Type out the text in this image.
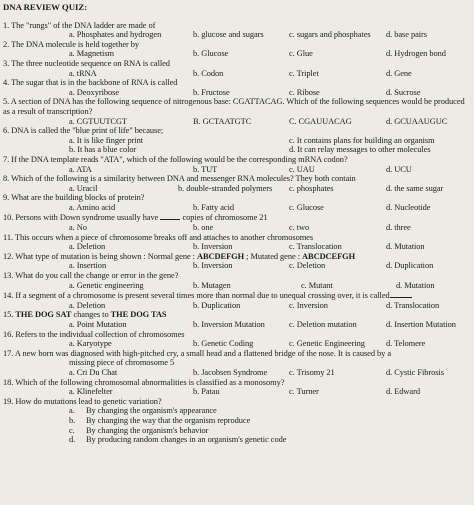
DNA REVIEW QUIZ:
1. The "rungs" of the DNA ladder are made of
a. Phosphates and hydrogen	b. glucose and sugars	c. sugars and phosphates d. base pairs
2. The DNA molecule is held together by
a. Magnetism	b. Glucose	c. Glue	d. Hydrogen bond
3. The three nucleotide sequence on RNA is called
a. tRNA	b. Codon	c. Triplet	d. Gene
4. The sugar that is in the backbone of RNA is called
a. Deoxyribose	b. Fructose	c. Ribose	d. Sucrose
5. A section of DNA has the following sequence of nitrogenous base: CGATTACAG. Which of the following sequences would be produced as a result of transcription?
a. CGTUUTCGT	B. GCTAATGTC	C. CGAUUACAG	d. GCUAAUGUC
6. DNA is called the "blue print of life" because;
a. It is like finger print	c. It contains plans for building an organism
b. It has a blue color	d. It can relay messages to other molecules
7. If the DNA template reads "ATA", which of the following would be the corresponding mRNA codon?
a. ATA	b. TUT	c. UAU	d. UCU
8. Which of the following is a similarity between DNA and messenger RNA molecules? They both contain
a. Uracil	b. double-stranded polymers c. phosphates	d. the same sugar
9. What are the building blocks of protein?
a. Amino acid	b. Fatty acid	c. Glucose	d. Nucleotide
10. Persons with Down syndrome usually have	copies of chromosome 21
a. No	b. one	c. two	d. three
11. This occurs when a piece of chromosome breaks off and attaches to another chromosomes
a. Deletion	b. Inversion	c. Translocation	d. Mutation
12. What type of mutation is being shown : Normal gene : ABCDEFGH ; Mutated gene : ABCDCEFGH
a. Insertion	b. Inversion	c. Deletion	d. Duplication
13. What do you call the change or error in the gene?
a. Genetic engineering	b. Mutagen	c. Mutant	d. Mutation
14. If a segment of a chromosome is present several times more than normal due to unequal crossing over, it is called
a. Deletion	b. Duplication	c. Inversion	d. Translocation
15. THE DOG SAT changes to THE DOG TAS
a. Point Mutation	b. Inversion Mutation	c. Deletion mutation	d. Insertion Mutation
16. Refers to the individual collection of chromosomes
a. Karyotype	b. Genetic Coding	c. Genetic Engineering	d. Telomere
17. A new born was diagnosed with high-pitched cry, a small head and a flattened bridge of the nose. It is caused by a
missing piece of chromosome 5
a. Cri Du Chat	b. Jacobsen Syndrome	c. Trisomy 21	d. Cystic Fibrosis
18. Which of the following chromosomal abnormalities is classified as a monosomy?
a. Klinefelter	b. Patau	c. Turner	d. Edward
19. How do mutations lead to genetic variation?
a. By changing the organism's appearance
b. By changing the way that the organism reproduce
c. By changing the organism's behavior
d. By producing random changes in an organism's genetic code
